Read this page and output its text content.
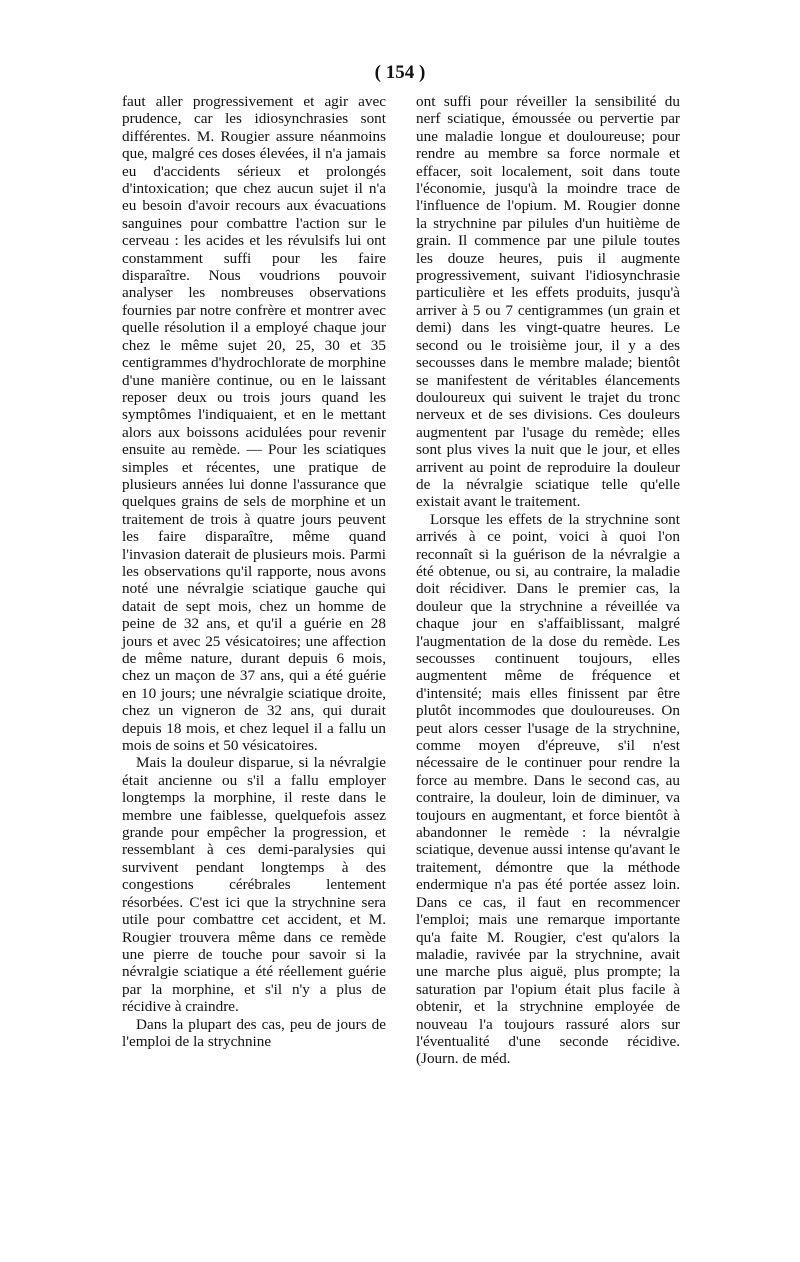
( 154 )

faut aller progressivement et agir avec prudence, car les idiosynchrasies sont différentes. M. Rougier assure néanmoins que, malgré ces doses élevées, il n'a jamais eu d'accidents sérieux et prolongés d'intoxication; que chez aucun sujet il n'a eu besoin d'avoir recours aux évacuations sanguines pour combattre l'action sur le cerveau : les acides et les révulsifs lui ont constamment suffi pour les faire disparaître. Nous voudrions pouvoir analyser les nombreuses observations fournies par notre confrère et montrer avec quelle résolution il a employé chaque jour chez le même sujet 20, 25, 30 et 35 centigrammes d'hydrochlorate de morphine d'une manière continue, ou en le laissant reposer deux ou trois jours quand les symptômes l'indiquaient, et en le mettant alors aux boissons acidulées pour revenir ensuite au remède. — Pour les sciatiques simples et récentes, une pratique de plusieurs années lui donne l'assurance que quelques grains de sels de morphine et un traitement de trois à quatre jours peuvent les faire disparaître, même quand l'invasion daterait de plusieurs mois. Parmi les observations qu'il rapporte, nous avons noté une névralgie sciatique gauche qui datait de sept mois, chez un homme de peine de 32 ans, et qu'il a guérie en 28 jours et avec 25 vésicatoires; une affection de même nature, durant depuis 6 mois, chez un maçon de 37 ans, qui a été guérie en 10 jours; une névralgie sciatique droite, chez un vigneron de 32 ans, qui durait depuis 18 mois, et chez lequel il a fallu un mois de soins et 50 vésicatoires.

Mais la douleur disparue, si la névralgie était ancienne ou s'il a fallu employer longtemps la morphine, il reste dans le membre une faiblesse, quelquefois assez grande pour empêcher la progression, et ressemblant à ces demi-paralysies qui survivent pendant longtemps à des congestions cérébrales lentement résorbées. C'est ici que la strychnine sera utile pour combattre cet accident, et M. Rougier trouvera même dans ce remède une pierre de touche pour savoir si la névralgie sciatique a été réellement guérie par la morphine, et s'il n'y a plus de récidive à craindre.

Dans la plupart des cas, peu de jours de l'emploi de la strychnine

ont suffi pour réveiller la sensibilité du nerf sciatique, émoussée ou pervertie par une maladie longue et douloureuse; pour rendre au membre sa force normale et effacer, soit localement, soit dans toute l'économie, jusqu'à la moindre trace de l'influence de l'opium. M. Rougier donne la strychnine par pilules d'un huitième de grain. Il commence par une pilule toutes les douze heures, puis il augmente progressivement, suivant l'idiosynchrasie particulière et les effets produits, jusqu'à arriver à 5 ou 7 centigrammes (un grain et demi) dans les vingt-quatre heures. Le second ou le troisième jour, il y a des secousses dans le membre malade; bientôt se manifestent de véritables élancements douloureux qui suivent le trajet du tronc nerveux et de ses divisions. Ces douleurs augmentent par l'usage du remède; elles sont plus vives la nuit que le jour, et elles arrivent au point de reproduire la douleur de la névralgie sciatique telle qu'elle existait avant le traitement.

Lorsque les effets de la strychnine sont arrivés à ce point, voici à quoi l'on reconnaît si la guérison de la névralgie a été obtenue, ou si, au contraire, la maladie doit récidiver. Dans le premier cas, la douleur que la strychnine a réveillée va chaque jour en s'affaiblissant, malgré l'augmentation de la dose du remède. Les secousses continuent toujours, elles augmentent même de fréquence et d'intensité; mais elles finissent par être plutôt incommodes que douloureuses. On peut alors cesser l'usage de la strychnine, comme moyen d'épreuve, s'il n'est nécessaire de le continuer pour rendre la force au membre. Dans le second cas, au contraire, la douleur, loin de diminuer, va toujours en augmentant, et force bientôt à abandonner le remède : la névralgie sciatique, devenue aussi intense qu'avant le traitement, démontre que la méthode endermique n'a pas été portée assez loin. Dans ce cas, il faut en recommencer l'emploi; mais une remarque importante qu'a faite M. Rougier, c'est qu'alors la maladie, ravivée par la strychnine, avait une marche plus aiguë, plus prompte; la saturation par l'opium était plus facile à obtenir, et la strychnine employée de nouveau l'a toujours rassuré alors sur l'éventualité d'une seconde récidive. (Journ. de méd.
